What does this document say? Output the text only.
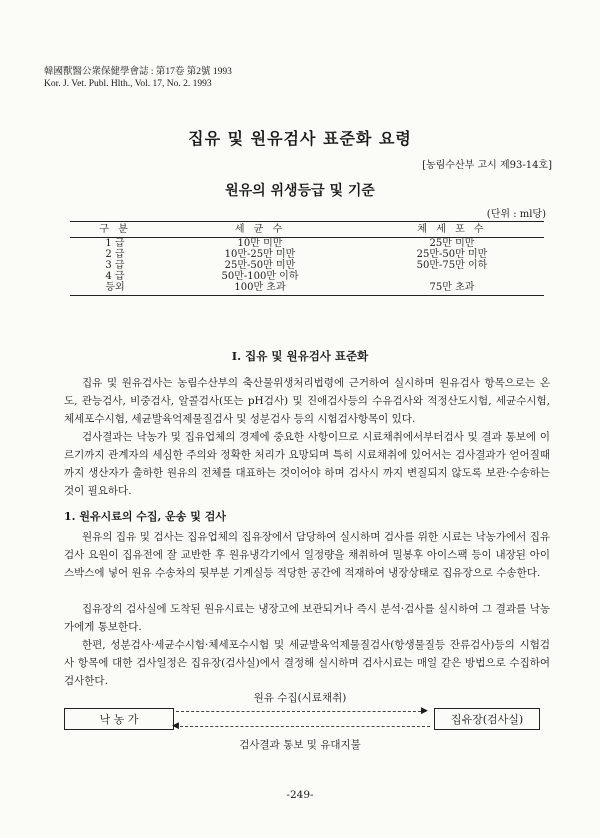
韓國獸醫公衆保健學會誌 : 第17卷 第2號 1993
Kor. J. Vet. Publ. Hlth., Vol. 17, No. 2. 1993
집유 및 원유검사 표준화 요령
[농림수산부 고시 제93-14호]
원유의 위생등급 및 기준
(단위 : ml당)
구 분	세 균 수	체 세 포 수
1 급	10만 미만	25만 미만
2 급	10만-25만 미만	25만-50만 미만
3 급	25만-50만 미만	50만-75만 이하
4 급	50만-100만 이하	
등외	100만 초과	75만 초과
I. 집유 및 원유검사 표준화
집유 및 원유검사는 농림수산부의 축산물위생처리법령에 근거하여 실시하며 원유검사 항목으로는 온도, 관능검사, 비중검사, 알콜검사(또는 pH검사) 및 진애검사등의 수유검사와 적정산도시험, 세균수시험, 체세포수시험, 세균발육억제물질검사 및 성분검사 등의 시험검사항목이 있다.
검사결과는 낙농가 및 집유업체의 경제에 중요한 사항이므로 시료채취에서부터검사 및 결과 통보에 이르기까지 관계자의 세심한 주의와 정확한 처리가 요망되며 특히 시료채취에 있어서는 검사결과가 얻어질때까지 생산자가 출하한 원유의 전체를 대표하는 것이어야 하며 검사시 까지 변질되지 않도록 보관·수송하는것이 필요하다.
1. 원유시료의 수집, 운송 및 검사
원유의 집유 및 검사는 집유업체의 집유장에서 담당하여 실시하며 검사를 위한 시료는 낙농가에서 집유검사 요원이 집유전에 잘 교반한 후 원유냉각기에서 일정량을 채취하여 밀봉후 아이스팩 등이 내장된 아이스박스에 넣어 원유 수송차의 뒷부분 기계실등 적당한 공간에 적재하여 냉장상태로 집유장으로 수송한다.
집유장의 검사실에 도착된 원유시료는 냉장고에 보관되거나 즉시 분석·검사를 실시하여 그 결과를 낙농가에게 통보한다.
한편, 성분검사·세균수시험·체세포수시험 및 세균발육억제물질검사(항생물질등 잔류검사)등의 시험검사 항목에 대한 검사일정은 집유장(검사실)에서 결정해 실시하며 검사시료는 매일 같은 방법으로 수집하여 검사한다.
원유 수집(시료채취)
▶
낙 농 가	집유장(검사실)
◀
검사결과 통보 및 유대지불
-249-
